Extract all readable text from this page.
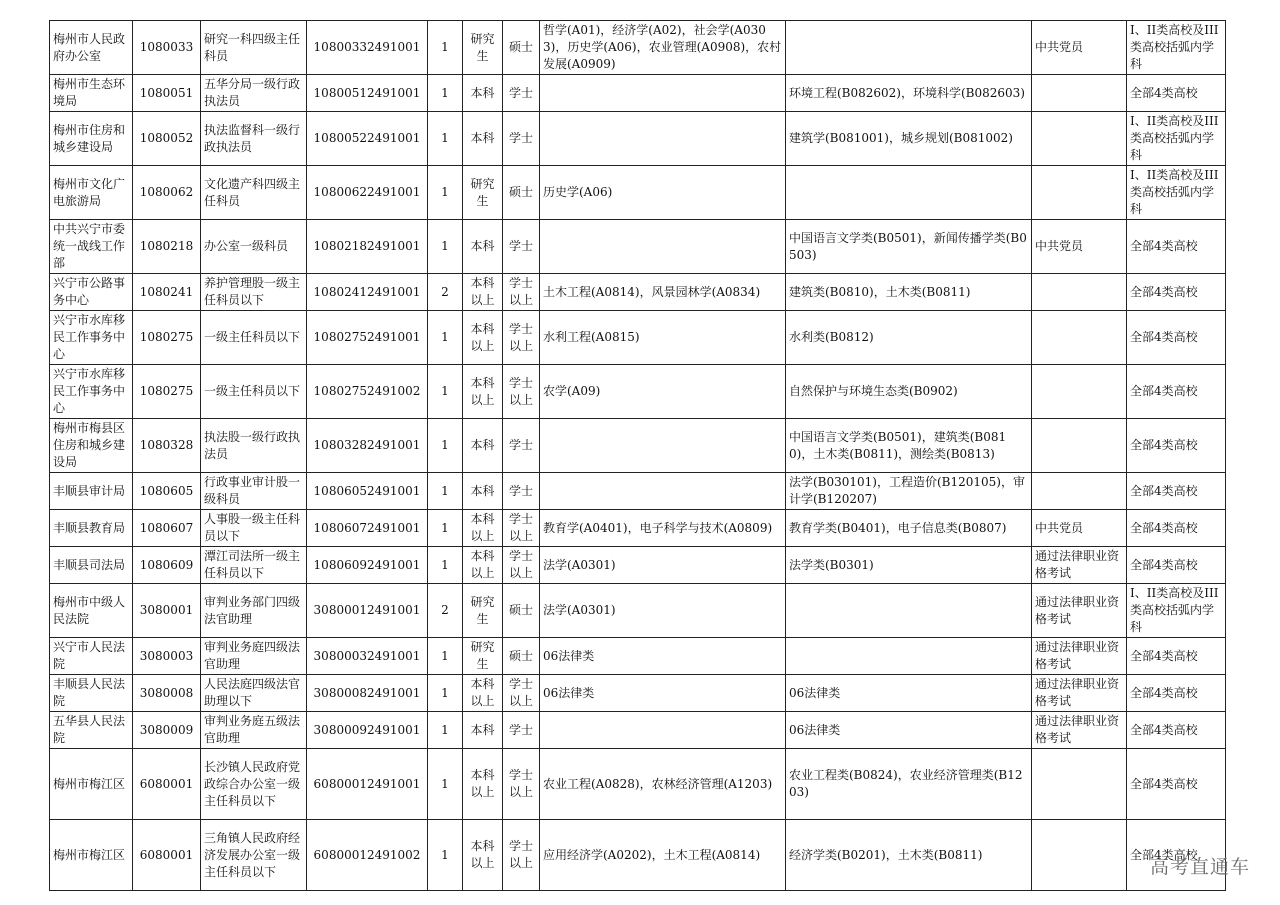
梅州市人民政府办公室	1080033	研究一科四级主任科员	10800332491001	1	研究生	硕士	哲学(A01)，经济学(A02)，社会学(A0303)，历史学(A06)，农业管理(A0908)，农村发展(A0909)		中共党员	I、II类高校及III类高校括弧内学科
梅州市生态环境局	1080051	五华分局一级行政执法员	10800512491001	1	本科	学士		环境工程(B082602)，环境科学(B082603)		全部4类高校
梅州市住房和城乡建设局	1080052	执法监督科一级行政执法员	10800522491001	1	本科	学士		建筑学(B081001)，城乡规划(B081002)		I、II类高校及III类高校括弧内学科
梅州市文化广电旅游局	1080062	文化遗产科四级主任科员	10800622491001	1	研究生	硕士	历史学(A06)			I、II类高校及III类高校括弧内学科
中共兴宁市委统一战线工作部	1080218	办公室一级科员	10802182491001	1	本科	学士		中国语言文学类(B0501)，新闻传播学类(B0503)	中共党员	全部4类高校
兴宁市公路事务中心	1080241	养护管理股一级主任科员以下	10802412491001	2	本科以上	学士以上	土木工程(A0814)，风景园林学(A0834)	建筑类(B0810)，土木类(B0811)		全部4类高校
兴宁市水库移民工作事务中心	1080275	一级主任科员以下	10802752491001	1	本科以上	学士以上	水利工程(A0815)	水利类(B0812)		全部4类高校
兴宁市水库移民工作事务中心	1080275	一级主任科员以下	10802752491002	1	本科以上	学士以上	农学(A09)	自然保护与环境生态类(B0902)		全部4类高校
梅州市梅县区住房和城乡建设局	1080328	执法股一级行政执法员	10803282491001	1	本科	学士		中国语言文学类(B0501)，建筑类(B0810)，土木类(B0811)，测绘类(B0813)		全部4类高校
丰顺县审计局	1080605	行政事业审计股一级科员	10806052491001	1	本科	学士		法学(B030101)，工程造价(B120105)，审计学(B120207)		全部4类高校
丰顺县教育局	1080607	人事股一级主任科员以下	10806072491001	1	本科以上	学士以上	教育学(A0401)，电子科学与技术(A0809)	教育学类(B0401)，电子信息类(B0807)	中共党员	全部4类高校
丰顺县司法局	1080609	潭江司法所一级主任科员以下	10806092491001	1	本科以上	学士以上	法学(A0301)	法学类(B0301)	通过法律职业资格考试	全部4类高校
梅州市中级人民法院	3080001	审判业务部门四级法官助理	30800012491001	2	研究生	硕士	法学(A0301)		通过法律职业资格考试	I、II类高校及III类高校括弧内学科
兴宁市人民法院	3080003	审判业务庭四级法官助理	30800032491001	1	研究生	硕士	06法律类		通过法律职业资格考试	全部4类高校
丰顺县人民法院	3080008	人民法庭四级法官助理以下	30800082491001	1	本科以上	学士以上	06法律类	06法律类	通过法律职业资格考试	全部4类高校
五华县人民法院	3080009	审判业务庭五级法官助理	30800092491001	1	本科	学士		06法律类	通过法律职业资格考试	全部4类高校
梅州市梅江区	6080001	长沙镇人民政府党政综合办公室一级主任科员以下	60800012491001	1	本科以上	学士以上	农业工程(A0828)，农林经济管理(A1203)	农业工程类(B0824)，农业经济管理类(B1203)		全部4类高校
梅州市梅江区	6080001	三角镇人民政府经济发展办公室一级主任科员以下	60800012491002	1	本科以上	学士以上	应用经济学(A0202)，土木工程(A0814)	经济学类(B0201)，土木类(B0811)		全部4类高校
高考直通车
